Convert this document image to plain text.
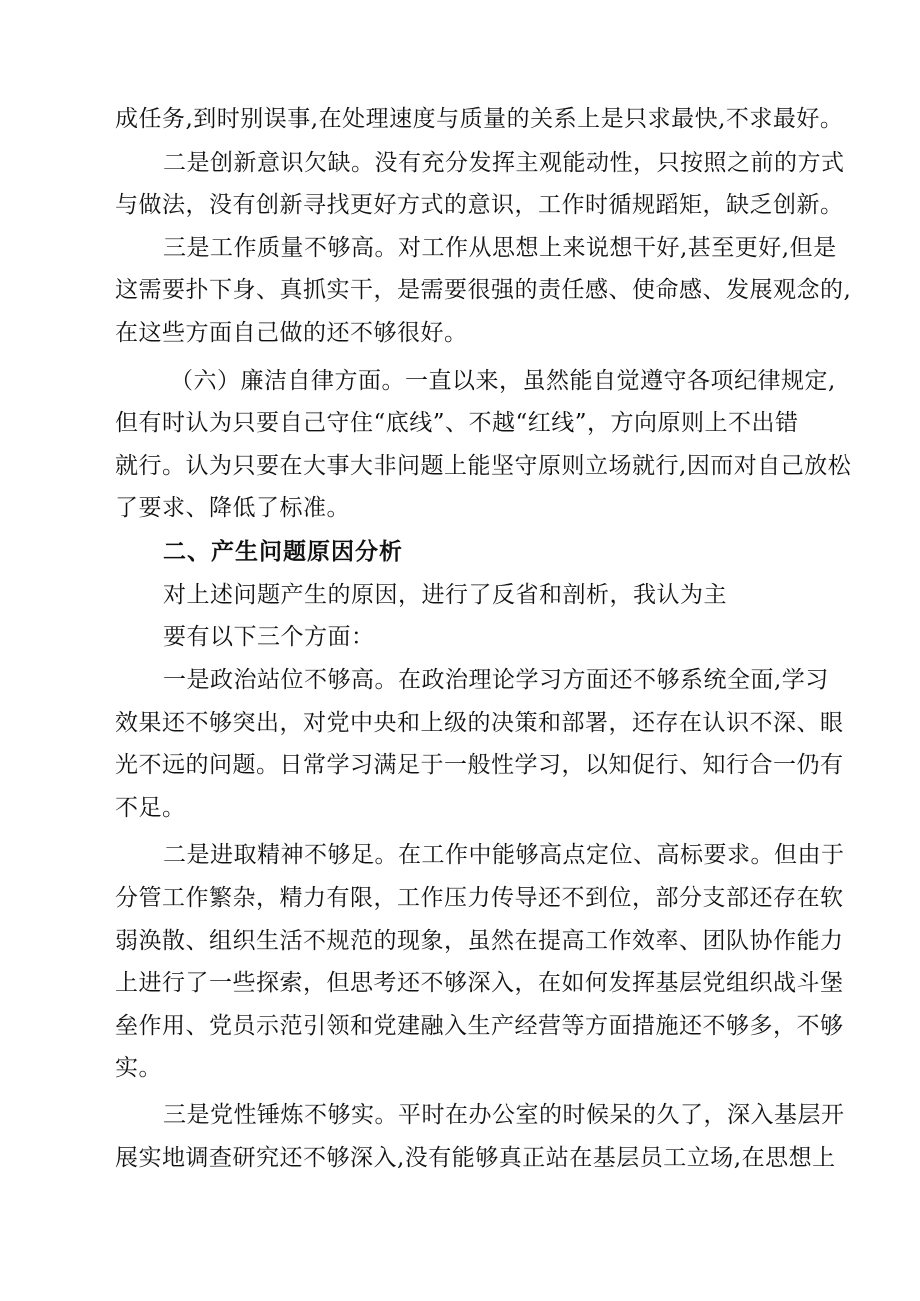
成任务,到时别误事,在处理速度与质量的关系上是只求最快,不求最好。
二是创新意识欠缺。没有充分发挥主观能动性，只按照之前的方式
与做法，没有创新寻找更好方式的意识，工作时循规蹈矩，缺乏创新。
三是工作质量不够高。对工作从思想上来说想干好,甚至更好,但是
这需要扑下身、真抓实干，是需要很强的责任感、使命感、发展观念的,
在这些方面自己做的还不够很好。
（六）廉洁自律方面。一直以来，虽然能自觉遵守各项纪律规定,
但有时认为只要自己守住“底线”、不越“红线”，方向原则上不出错
就行。认为只要在大事大非问题上能坚守原则立场就行,因而对自己放松
了要求、降低了标准。
二、产生问题原因分析
对上述问题产生的原因，进行了反省和剖析，我认为主
要有以下三个方面：
一是政治站位不够高。在政治理论学习方面还不够系统全面,学习
效果还不够突出，对党中央和上级的决策和部署，还存在认识不深、眼
光不远的问题。日常学习满足于一般性学习，以知促行、知行合一仍有
不足。
二是进取精神不够足。在工作中能够高点定位、高标要求。但由于
分管工作繁杂，精力有限，工作压力传导还不到位，部分支部还存在软
弱涣散、组织生活不规范的现象，虽然在提高工作效率、团队协作能力
上进行了一些探索，但思考还不够深入，在如何发挥基层党组织战斗堡
垒作用、党员示范引领和党建融入生产经营等方面措施还不够多，不够
实。
三是党性锤炼不够实。平时在办公室的时候呆的久了，深入基层开
展实地调查研究还不够深入,没有能够真正站在基层员工立场,在思想上
